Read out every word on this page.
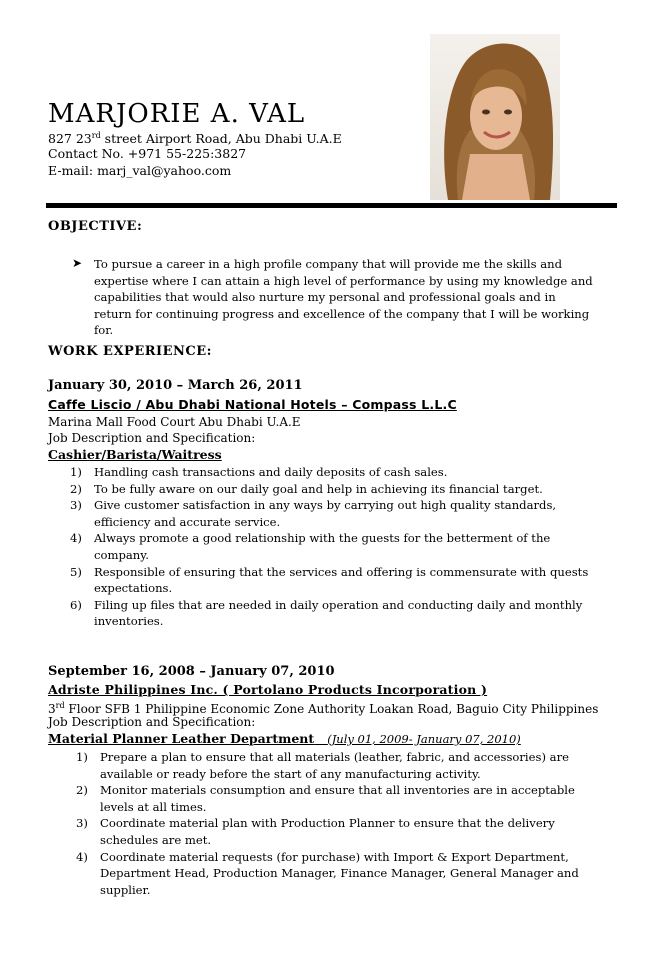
MARJORIE A. VAL
827 23rd street Airport Road, Abu Dhabi U.A.E
Contact No. +971 55-225:3827
E-mail: marj_val@yahoo.com
OBJECTIVE:
➤ To pursue a career in a high profile company that will provide me the skills and expertise where I can attain a high level of performance by using my knowledge and capabilities that would also nurture my personal and professional goals and in return for continuing progress and excellence of the company that I will be working for.
WORK EXPERIENCE:
January 30, 2010 – March 26, 2011
Caffe Liscio / Abu Dhabi National Hotels – Compass L.L.C
Marina Mall Food Court Abu Dhabi U.A.E
Job Description and Specification:
Cashier/Barista/Waitress
1) Handling cash transactions and daily deposits of cash sales.
2) To be fully aware on our daily goal and help in achieving its financial target.
3) Give customer satisfaction in any ways by carrying out high quality standards,
efficiency and accurate service.
4) Always promote a good relationship with the guests for the betterment of the
company.
5) Responsible of ensuring that the services and offering is commensurate with quests
expectations.
6) Filing up files that are needed in daily operation and conducting daily and monthly
inventories.
September 16, 2008 – January 07, 2010
Adriste Philippines Inc. ( Portolano Products Incorporation )
3rd Floor SFB 1 Philippine Economic Zone Authority Loakan Road, Baguio City Philippines
Job Description and Specification:
Material Planner Leather Department (July 01, 2009- January 07, 2010)
1) Prepare a plan to ensure that all materials (leather, fabric, and accessories) are
available or ready before the start of any manufacturing activity.
2) Monitor materials consumption and ensure that all inventories are in acceptable
levels at all times.
3) Coordinate material plan with Production Planner to ensure that the delivery
schedules are met.
4) Coordinate material requests (for purchase) with Import & Export Department,
Department Head, Production Manager, Finance Manager, General Manager and
supplier.
